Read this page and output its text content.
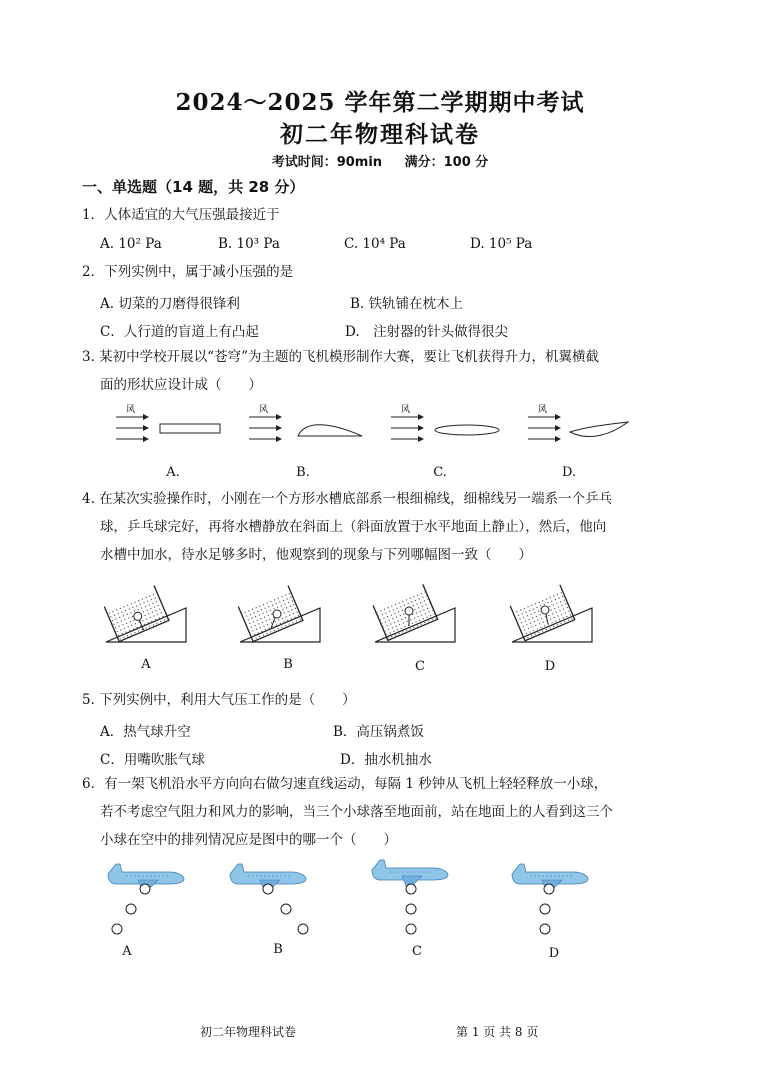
2024～2025 学年第二学期期中考试
初二年物理科试卷
考试时间：90min 满分：100 分
一、单选题（14 题，共 28 分）
1．人体适宜的大气压强最接近于
A. 10² Pa	B. 10³ Pa	C. 10⁴ Pa	D. 10⁵ Pa
2．下列实例中，属于减小压强的是
A. 切菜的刀磨得很锋利	B. 铁轨铺在枕木上
C．人行道的盲道上有凸起	D.　注射器的针头做得很尖
3. 某初中学校开展以“苍穹”为主题的飞机模形制作大赛，要让飞机获得升力，机翼横截
面的形状应设计成（　　）
风	风	风	风
A.	B.	C.	D.
4. 在某次实验操作时，小刚在一个方形水槽底部系一根细棉线，细棉线另一端系一个乒乓
球，乒乓球完好，再将水槽静放在斜面上（斜面放置于水平地面上静止），然后，他向
水槽中加水，待水足够多时，他观察到的现象与下列哪幅图一致（　　）
A	B	C	D
5. 下列实例中，利用大气压工作的是（　　）
A．热气球升空	B．高压锅煮饭
C．用嘴吹胀气球	D．抽水机抽水
6．有一架飞机沿水平方向向右做匀速直线运动，每隔 1 秒钟从飞机上轻轻释放一小球，
若不考虑空气阻力和风力的影响，当三个小球落至地面前，站在地面上的人看到这三个
小球在空中的排列情况应是图中的哪一个（　　）
A	B	C	D
初二年物理科试卷	第 1 页 共 8 页
